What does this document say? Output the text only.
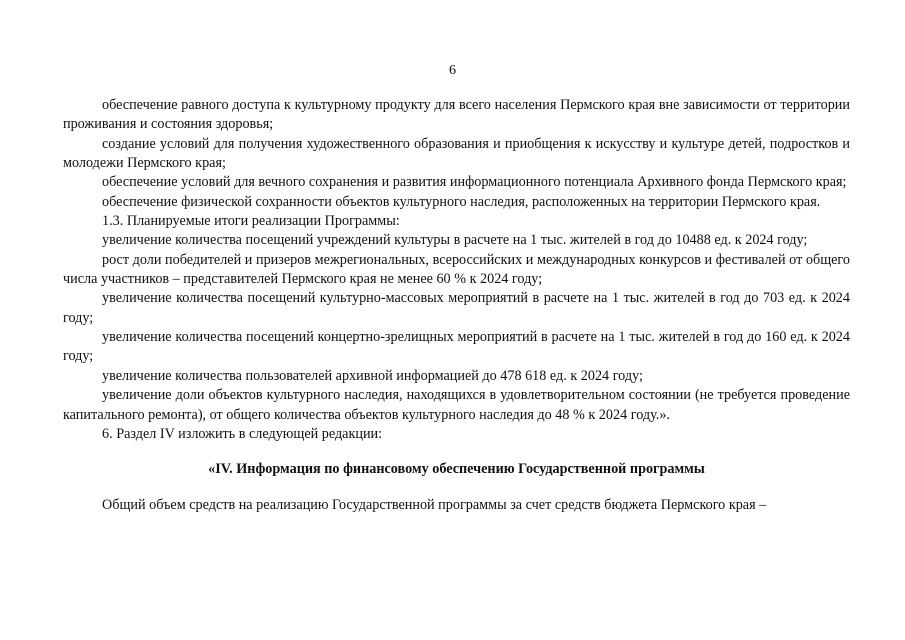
6

обеспечение равного доступа к культурному продукту для всего населения Пермского края вне зависимости от территории проживания и состояния здоровья;

создание условий для получения художественного образования и приобщения к искусству и культуре детей, подростков и молодежи Пермского края;

обеспечение условий для вечного сохранения и развития информационного потенциала Архивного фонда Пермского края;

обеспечение физической сохранности объектов культурного наследия, расположенных на территории Пермского края.

1.3. Планируемые итоги реализации Программы:

увеличение количества посещений учреждений культуры в расчете на 1 тыс. жителей в год до 10488 ед. к 2024 году;

рост доли победителей и призеров межрегиональных, всероссийских и международных конкурсов и фестивалей от общего числа участников – представителей Пермского края не менее 60 % к 2024 году;

увеличение количества посещений культурно-массовых мероприятий в расчете на 1 тыс. жителей в год до 703 ед. к 2024 году;

увеличение количества посещений концертно-зрелищных мероприятий в расчете на 1 тыс. жителей в год до 160 ед. к 2024 году;

увеличение количества пользователей архивной информацией до 478 618 ед. к 2024 году;

увеличение доли объектов культурного наследия, находящихся в удовлетворительном состоянии (не требуется проведение капитального ремонта), от общего количества объектов культурного наследия до 48 % к 2024 году.».

6. Раздел IV изложить в следующей редакции:

«IV. Информация по финансовому обеспечению Государственной программы

Общий объем средств на реализацию Государственной программы за счет средств бюджета Пермского края –
